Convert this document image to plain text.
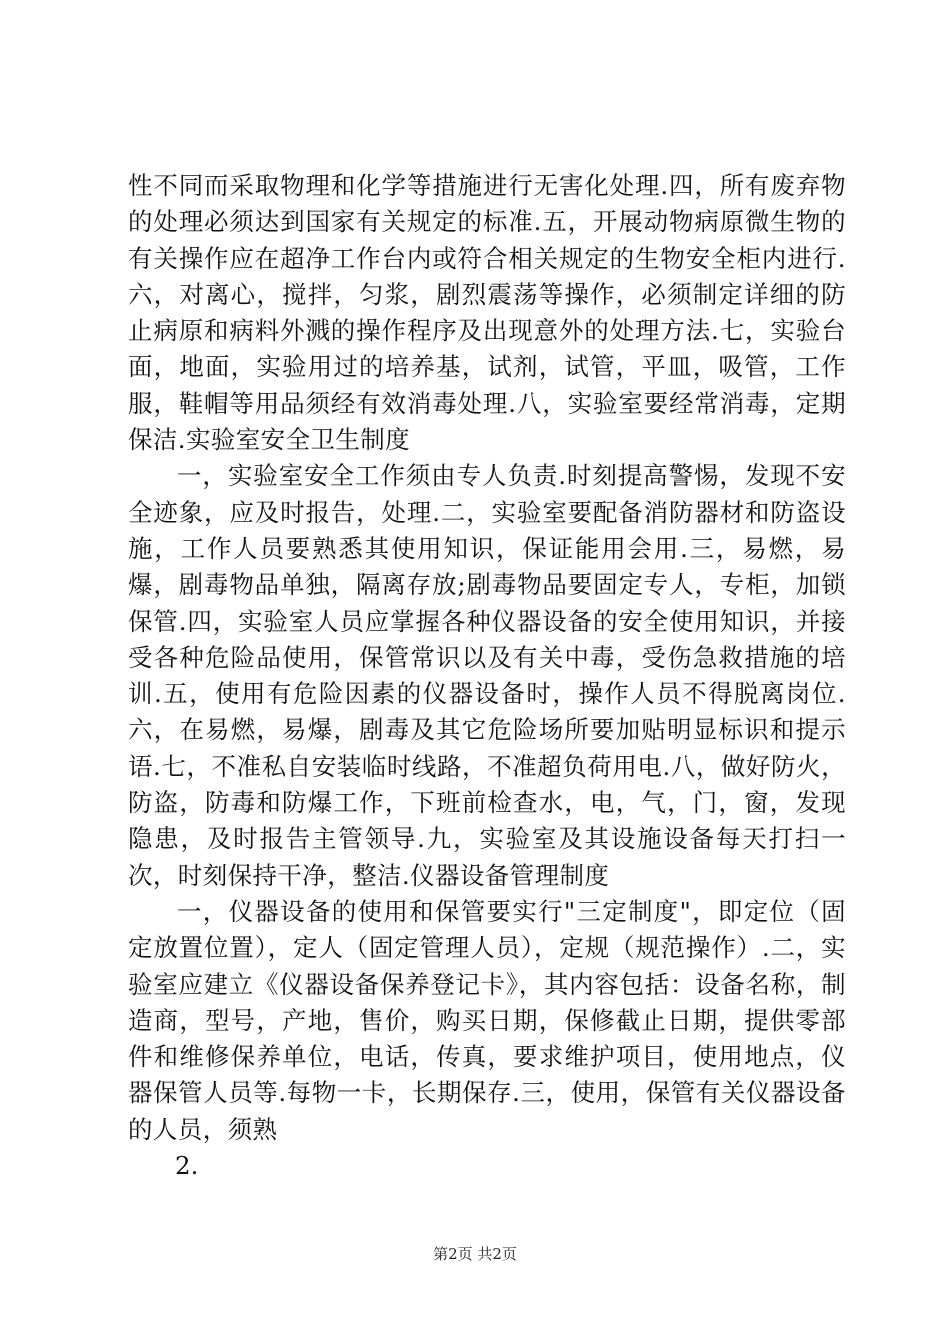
性不同而采取物理和化学等措施进行无害化处理.四，所有废弃物的处理必须达到国家有关规定的标准.五，开展动物病原微生物的有关操作应在超净工作台内或符合相关规定的生物安全柜内进行.六，对离心，搅拌，匀浆，剧烈震荡等操作，必须制定详细的防止病原和病料外溅的操作程序及出现意外的处理方法.七，实验台面，地面，实验用过的培养基，试剂，试管，平皿，吸管，工作服，鞋帽等用品须经有效消毒处理.八，实验室要经常消毒，定期保洁.实验室安全卫生制度

一，实验室安全工作须由专人负责.时刻提高警惕，发现不安全迹象，应及时报告，处理.二，实验室要配备消防器材和防盗设施，工作人员要熟悉其使用知识，保证能用会用.三，易燃，易爆，剧毒物品单独，隔离存放;剧毒物品要固定专人，专柜，加锁保管.四，实验室人员应掌握各种仪器设备的安全使用知识，并接受各种危险品使用，保管常识以及有关中毒，受伤急救措施的培训.五，使用有危险因素的仪器设备时，操作人员不得脱离岗位.六，在易燃，易爆，剧毒及其它危险场所要加贴明显标识和提示语.七，不准私自安装临时线路，不准超负荷用电.八，做好防火，防盗，防毒和防爆工作，下班前检查水，电，气，门，窗，发现隐患，及时报告主管领导.九，实验室及其设施设备每天打扫一次，时刻保持干净，整洁.仪器设备管理制度

一，仪器设备的使用和保管要实行"三定制度"，即定位（固定放置位置），定人（固定管理人员），定规（规范操作）.二，实验室应建立《仪器设备保养登记卡》，其内容包括：设备名称，制造商，型号，产地，售价，购买日期，保修截止日期，提供零部件和维修保养单位，电话，传真，要求维护项目，使用地点，仪器保管人员等.每物一卡，长期保存.三，使用，保管有关仪器设备的人员，须熟

2.

第2页 共2页
